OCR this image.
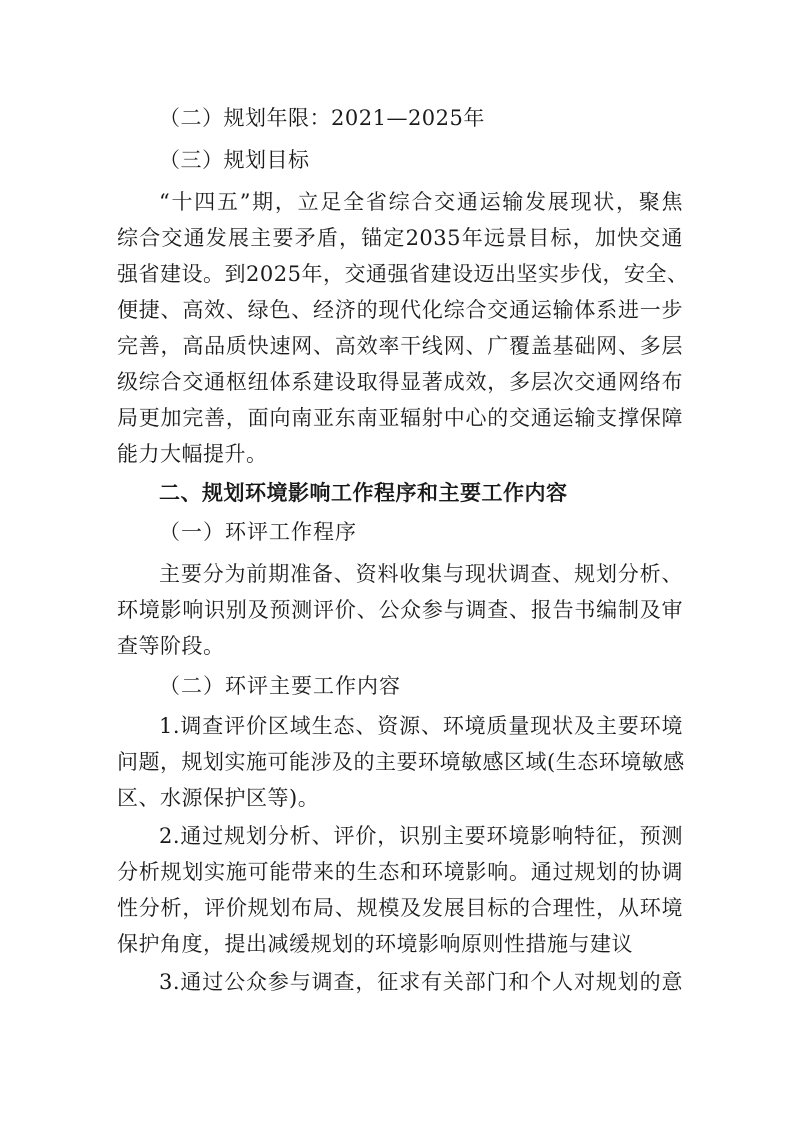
（二）规划年限：2021—2025年
（三）规划目标
“十四五”期，立足全省综合交通运输发展现状，聚焦
综合交通发展主要矛盾，锚定2035年远景目标，加快交通
强省建设。到2025年，交通强省建设迈出坚实步伐，安全、
便捷、高效、绿色、经济的现代化综合交通运输体系进一步
完善，高品质快速网、高效率干线网、广覆盖基础网、多层
级综合交通枢纽体系建设取得显著成效，多层次交通网络布
局更加完善，面向南亚东南亚辐射中心的交通运输支撑保障
能力大幅提升。
二、规划环境影响工作程序和主要工作内容
（一）环评工作程序
主要分为前期准备、资料收集与现状调查、规划分析、
环境影响识别及预测评价、公众参与调查、报告书编制及审
查等阶段。
（二）环评主要工作内容
1.调查评价区域生态、资源、环境质量现状及主要环境
问题，规划实施可能涉及的主要环境敏感区域(生态环境敏感
区、水源保护区等)。
2.通过规划分析、评价，识别主要环境影响特征，预测
分析规划实施可能带来的生态和环境影响。通过规划的协调
性分析，评价规划布局、规模及发展目标的合理性，从环境
保护角度，提出减缓规划的环境影响原则性措施与建议
3.通过公众参与调查，征求有关部门和个人对规划的意
